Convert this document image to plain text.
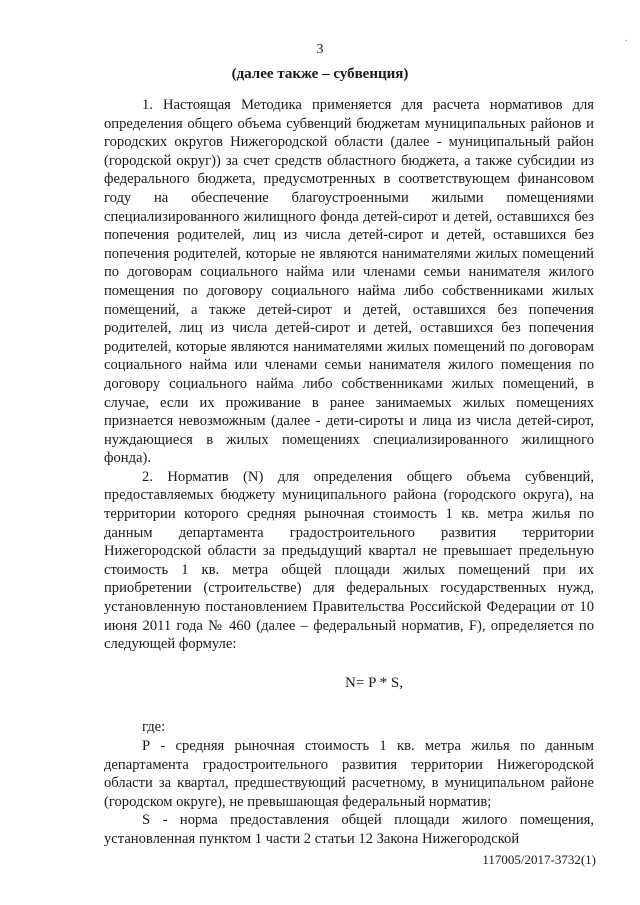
·
3
(далее также – субвенция)

1. Настоящая Методика применяется для расчета нормативов для определения общего объема субвенций бюджетам муниципальных районов и городских округов Нижегородской области (далее - муниципальный район (городской округ)) за счет средств областного бюджета, а также субсидии из федерального бюджета, предусмотренных в соответствующем финансовом году на обеспечение благоустроенными жилыми помещениями специализированного жилищного фонда детей-сирот и детей, оставшихся без попечения родителей, лиц из числа детей-сирот и детей, оставшихся без попечения родителей, которые не являются нанимателями жилых помещений по договорам социального найма или членами семьи нанимателя жилого помещения по договору социального найма либо собственниками жилых помещений, а также детей-сирот и детей, оставшихся без попечения родителей, лиц из числа детей-сирот и детей, оставшихся без попечения родителей, которые являются нанимателями жилых помещений по договорам социального найма или членами семьи нанимателя жилого помещения по договору социального найма либо собственниками жилых помещений, в случае, если их проживание в ранее занимаемых жилых помещениях признается невозможным (далее - дети-сироты и лица из числа детей-сирот, нуждающиеся в жилых помещениях специализированного жилищного фонда).

2. Норматив (N) для определения общего объема субвенций, предоставляемых бюджету муниципального района (городского округа), на территории которого средняя рыночная стоимость 1 кв. метра жилья по данным департамента градостроительного развития территории Нижегородской области за предыдущий квартал не превышает предельную стоимость 1 кв. метра общей площади жилых помещений при их приобретении (строительстве) для федеральных государственных нужд, установленную постановлением Правительства Российской Федерации от 10 июня 2011 года № 460 (далее – федеральный норматив, F), определяется по следующей формуле:

N= P * S,

где:

Р - средняя рыночная стоимость 1 кв. метра жилья по данным департамента градостроительного развития территории Нижегородской области за квартал, предшествующий расчетному, в муниципальном районе (городском округе), не превышающая федеральный норматив;

S - норма предоставления общей площади жилого помещения, установленная пунктом 1 части 2 статьи 12 Закона Нижегородской

117005/2017-3732(1)
